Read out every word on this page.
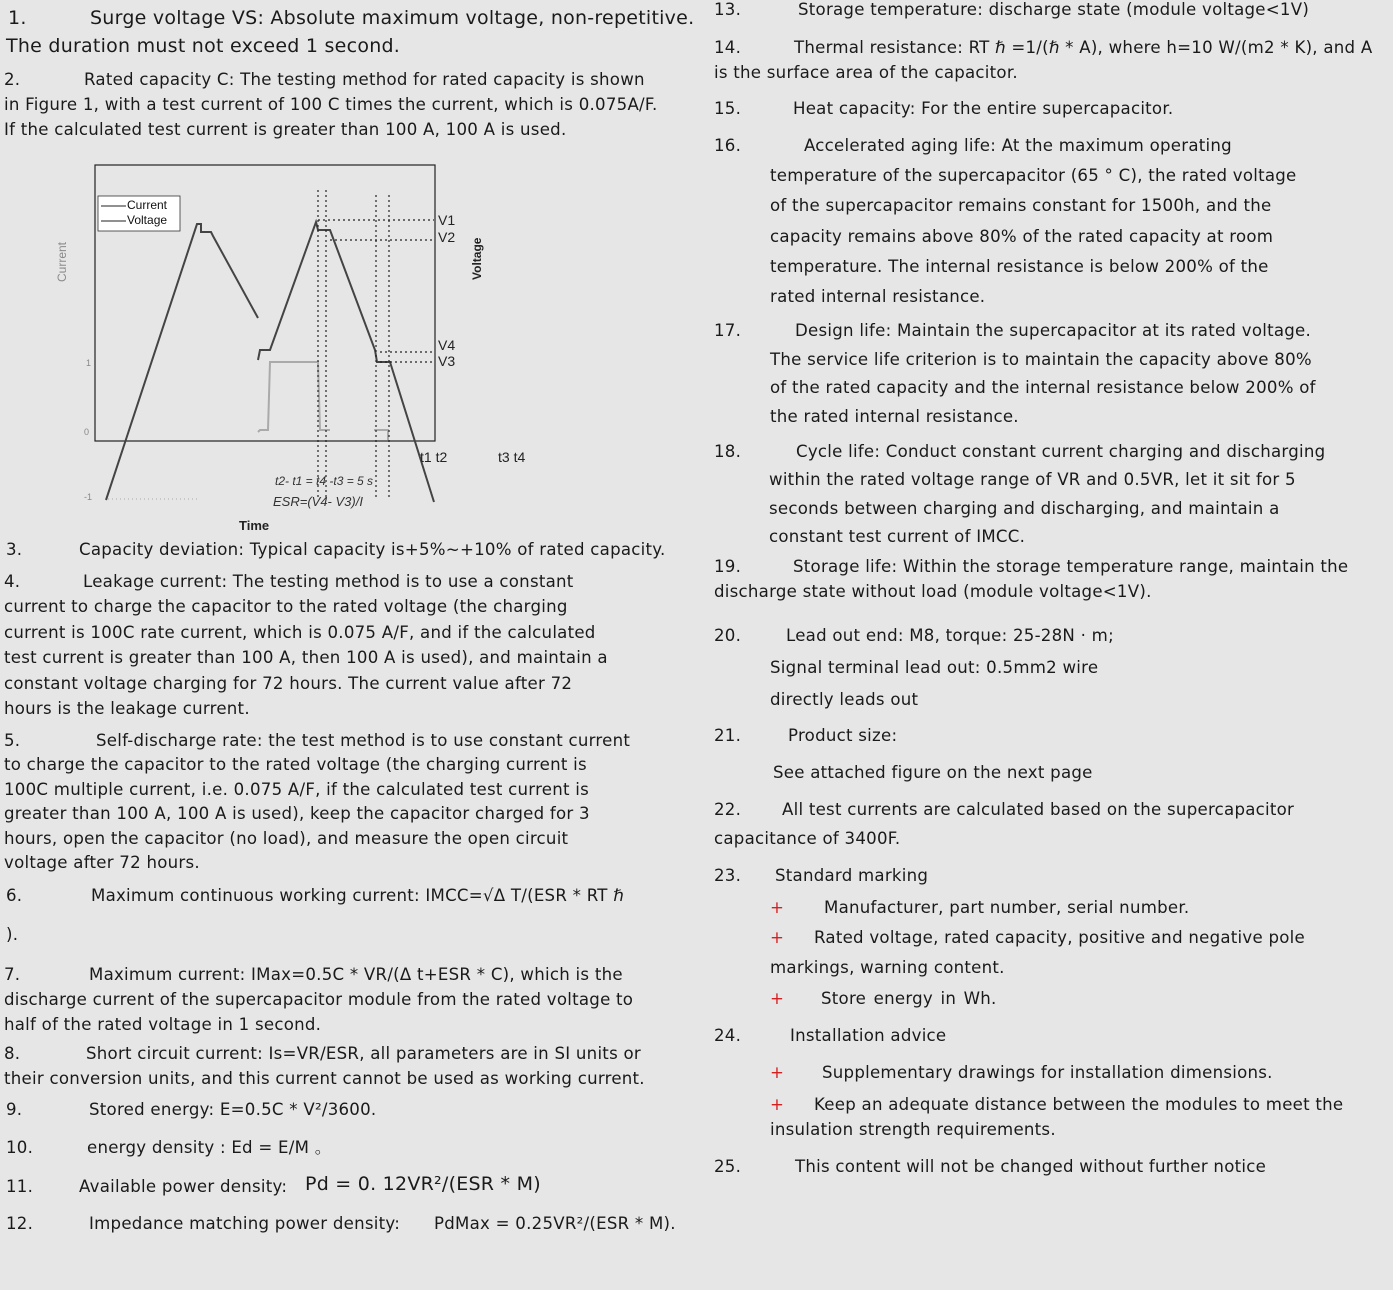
1.	Surge voltage VS: Absolute maximum voltage, non-repetitive.
The duration must not exceed 1 second.
2.	Rated capacity C: The testing method for rated capacity is shown
in Figure 1, with a test current of 100 C times the current, which is 0.075A/F.
If the calculated test current is greater than 100 A, 100 A is used.
Current
Voltage
Current	Voltage
Time
1
0
-1
V1
V2
V4
V3
t1 t2	t3 t4
t2- t1 = t4 -t3 = 5 s
ESR=(V4- V3)/I
3.	Capacity deviation: Typical capacity is+5%~+10% of rated capacity.
4.	Leakage current: The testing method is to use a constant
current to charge the capacitor to the rated voltage (the charging
current is 100C rate current, which is 0.075 A/F, and if the calculated
test current is greater than 100 A, then 100 A is used), and maintain a
constant voltage charging for 72 hours. The current value after 72
hours is the leakage current.
5.	Self-discharge rate: the test method is to use constant current
to charge the capacitor to the rated voltage (the charging current is
100C multiple current, i.e. 0.075 A/F, if the calculated test current is
greater than 100 A, 100 A is used), keep the capacitor charged for 3
hours, open the capacitor (no load), and measure the open circuit
voltage after 72 hours.
6.	Maximum continuous working current: IMCC=√Δ T/(ESR * RT ℏ
).
7.	Maximum current: IMax=0.5C * VR/(Δ t+ESR * C), which is the
discharge current of the supercapacitor module from the rated voltage to
half of the rated voltage in 1 second.
8.	Short circuit current: Is=VR/ESR, all parameters are in SI units or
their conversion units, and this current cannot be used as working current.
9.	Stored energy: E=0.5C * V²/3600.
10.	energy density : Ed = E/M 。
11.	Available power density: Pd = 0. 12VR²/(ESR * M)
12.	Impedance matching power density: PdMax = 0.25VR²/(ESR * M).
13.	Storage temperature: discharge state (module voltage<1V)
14.	Thermal resistance: RT ℏ =1/(ℏ * A), where h=10 W/(m2 * K), and A
is the surface area of the capacitor.
15.	Heat capacity: For the entire supercapacitor.
16.	Accelerated aging life: At the maximum operating
temperature of the supercapacitor (65 ° C), the rated voltage
of the supercapacitor remains constant for 1500h, and the
capacity remains above 80% of the rated capacity at room
temperature. The internal resistance is below 200% of the
rated internal resistance.
17.	Design life: Maintain the supercapacitor at its rated voltage.
The service life criterion is to maintain the capacity above 80%
of the rated capacity and the internal resistance below 200% of
the rated internal resistance.
18.	Cycle life: Conduct constant current charging and discharging
within the rated voltage range of VR and 0.5VR, let it sit for 5
seconds between charging and discharging, and maintain a
constant test current of IMCC.
19.	Storage life: Within the storage temperature range, maintain the
discharge state without load (module voltage<1V).
20.	Lead out end: M8, torque: 25-28N · m;
Signal terminal lead out: 0.5mm2 wire
directly leads out
21.	Product size:
See attached figure on the next page
22. All test currents are calculated based on the supercapacitor
capacitance of 3400F.
23. Standard marking
+ Manufacturer, part number, serial number.
+ Rated voltage, rated capacity, positive and negative pole
markings, warning content.
+ Store energy in Wh.
24.	Installation advice
+ Supplementary drawings for installation dimensions.
+ Keep an adequate distance between the modules to meet the
insulation strength requirements.
25.	This content will not be changed without further notice
